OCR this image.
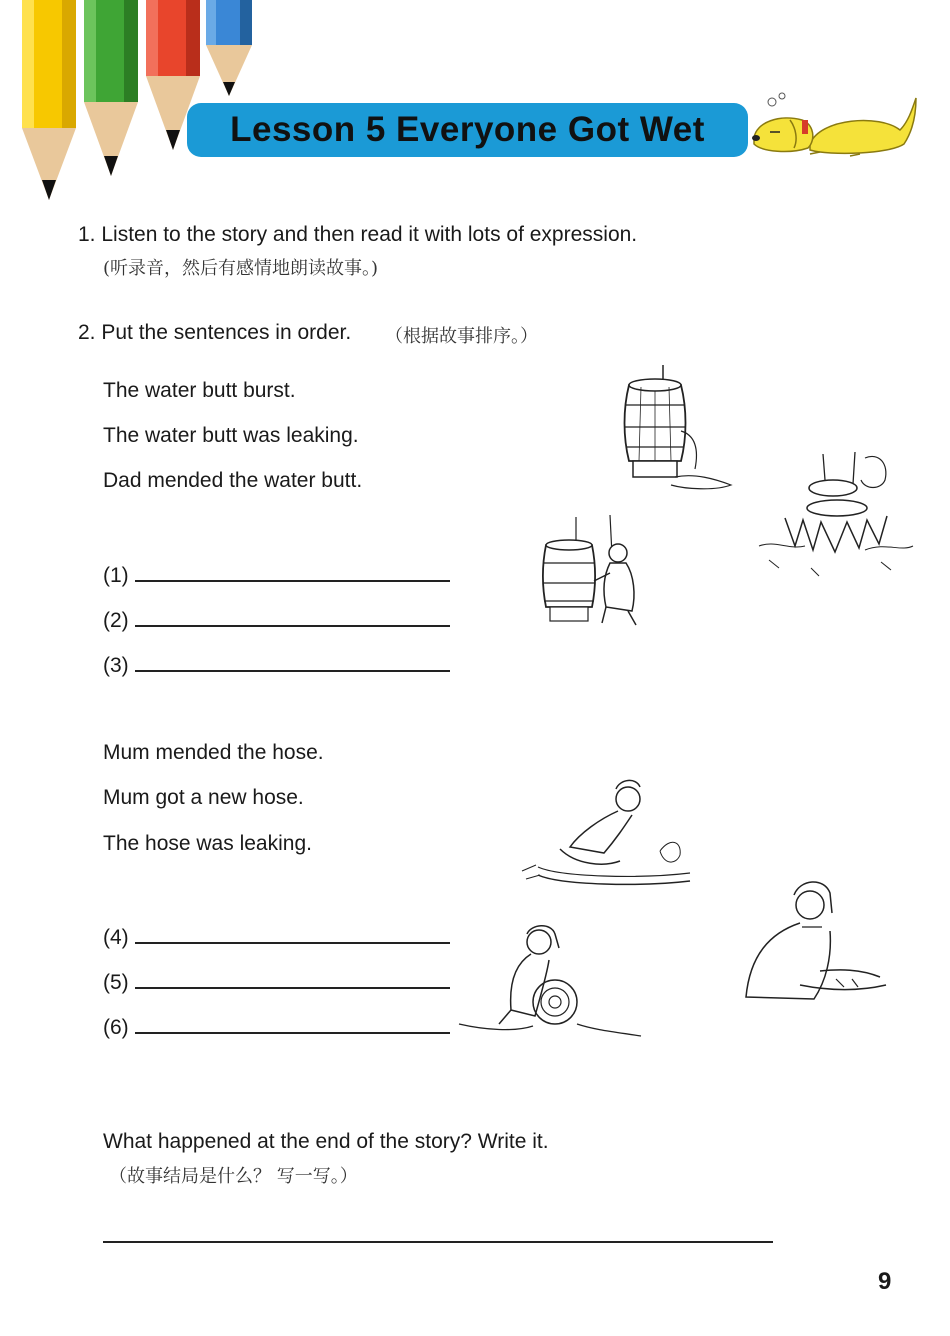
Lesson 5 Everyone Got Wet
1. Listen to the story and then read it with lots of expression.
(听录音，然后有感情地朗读故事。)
2. Put the sentences in order. （根据故事排序。）
The water butt burst.
The water butt was leaking.
Dad mended the water butt.
(1)
(2)
(3)
Mum mended the hose.
Mum got a new hose.
The hose was leaking.
(4)
(5)
(6)
What happened at the end of the story? Write it.
（故事结局是什么？ 写一写。）
9
